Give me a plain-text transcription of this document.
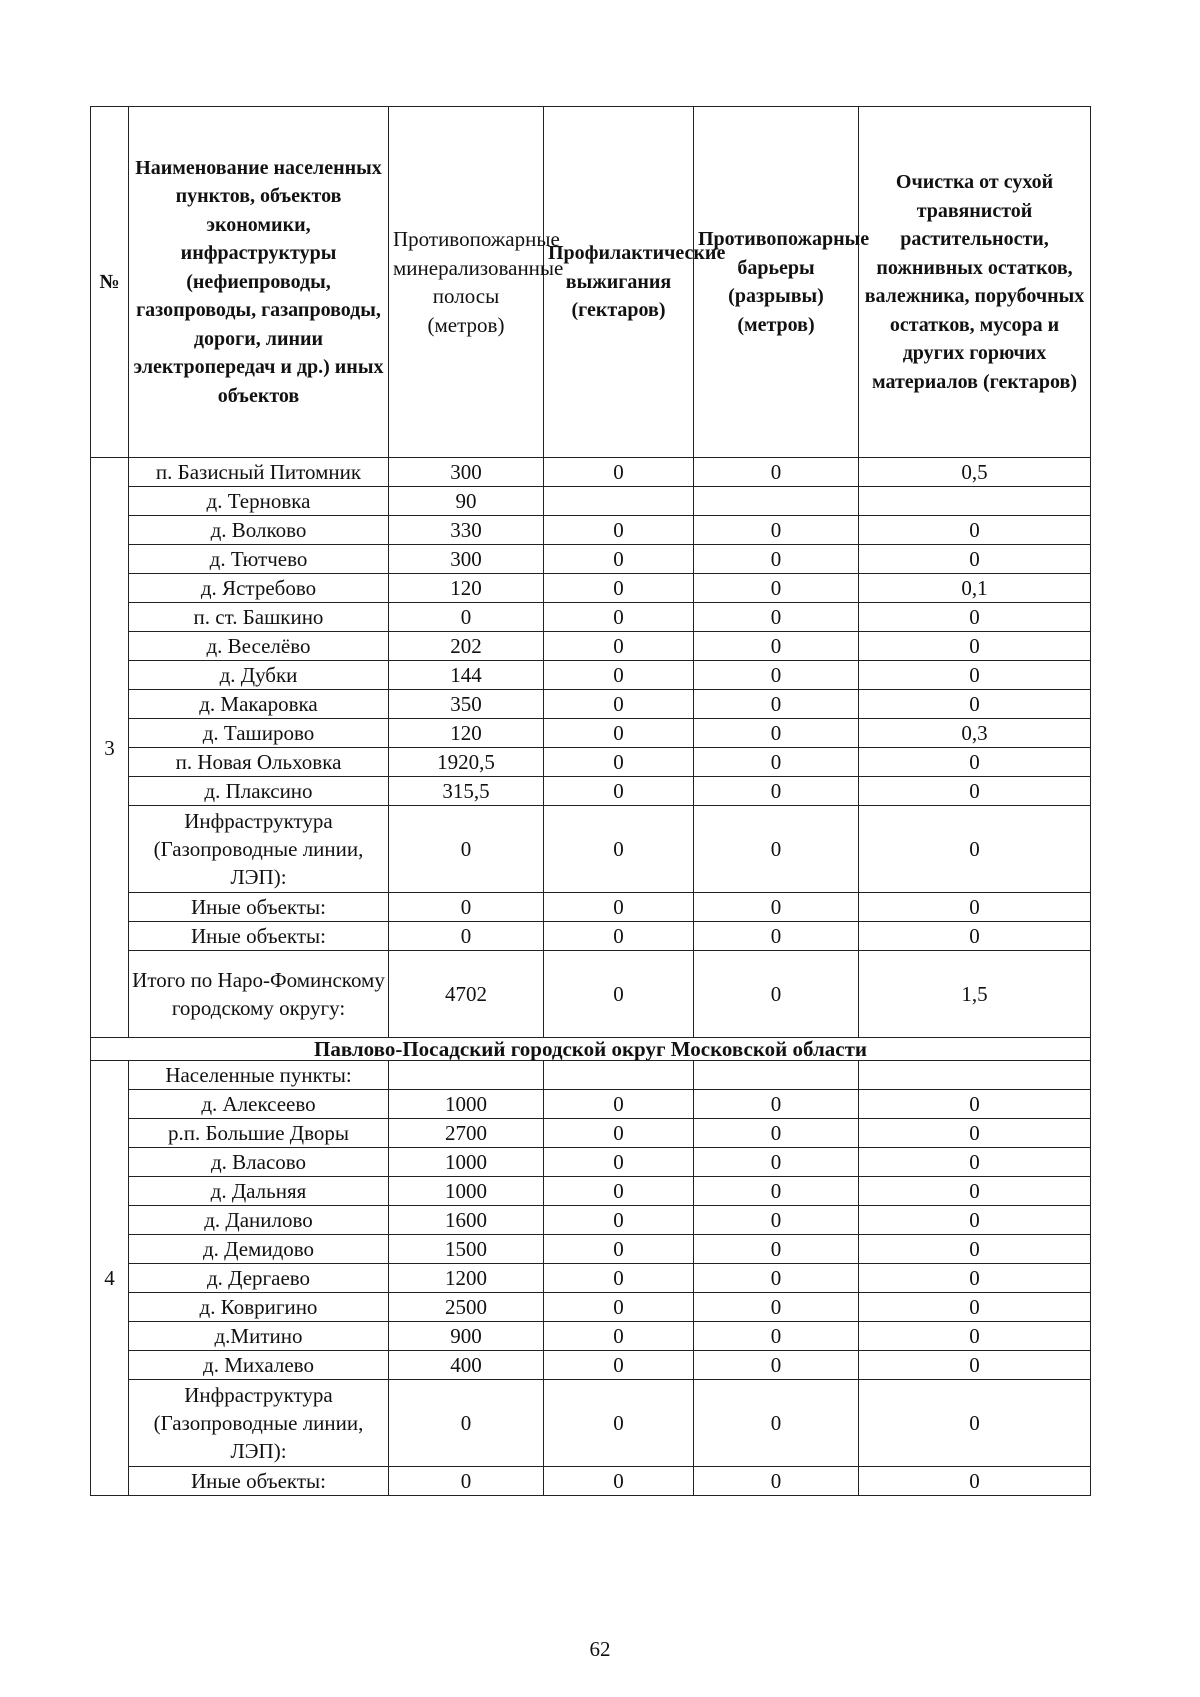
№	Наименование населенных пунктов, объектов экономики, инфраструктуры (нефиепроводы, газопроводы, газапроводы, дороги, линии электропередач и др.) иных объектов	Противопожарные минерализованные полосы (метров)	Профилактические выжигания (гектаров)	Противопожарные барьеры (разрывы) (метров)	Очистка от сухой травянистой растительности, пожнивных остатков, валежника, порубочных остатков, мусора и других горючих материалов (гектаров)
3	п. Базисный Питомник	300	0	0	0,5
	д. Терновка	90			
	д. Волково	330	0	0	0
	д. Тютчево	300	0	0	0
	д. Ястребово	120	0	0	0,1
	п. ст. Башкино	0	0	0	0
	д. Веселёво	202	0	0	0
	д. Дубки	144	0	0	0
	д. Макаровка	350	0	0	0
	д. Таширово	120	0	0	0,3
	п. Новая Ольховка	1920,5	0	0	0
	д. Плаксино	315,5	0	0	0
	Инфраструктура (Газопроводные линии, ЛЭП):	0	0	0	0
	Иные объекты:	0	0	0	0
	Иные объекты:	0	0	0	0
	Итого по Наро-Фоминскому городскому округу:	4702	0	0	1,5
Павлово-Посадский городской округ Московской области					
4	Населенные пункты:				
	д. Алексеево	1000	0	0	0
	р.п. Большие Дворы	2700	0	0	0
	д. Власово	1000	0	0	0
	д. Дальняя	1000	0	0	0
	д. Данилово	1600	0	0	0
	д. Демидово	1500	0	0	0
	д. Дергаево	1200	0	0	0
	д. Ковригино	2500	0	0	0
	д.Митино	900	0	0	0
	д. Михалево	400	0	0	0
	Инфраструктура (Газопроводные линии, ЛЭП):	0	0	0	0
	Иные объекты:	0	0	0	0
62
